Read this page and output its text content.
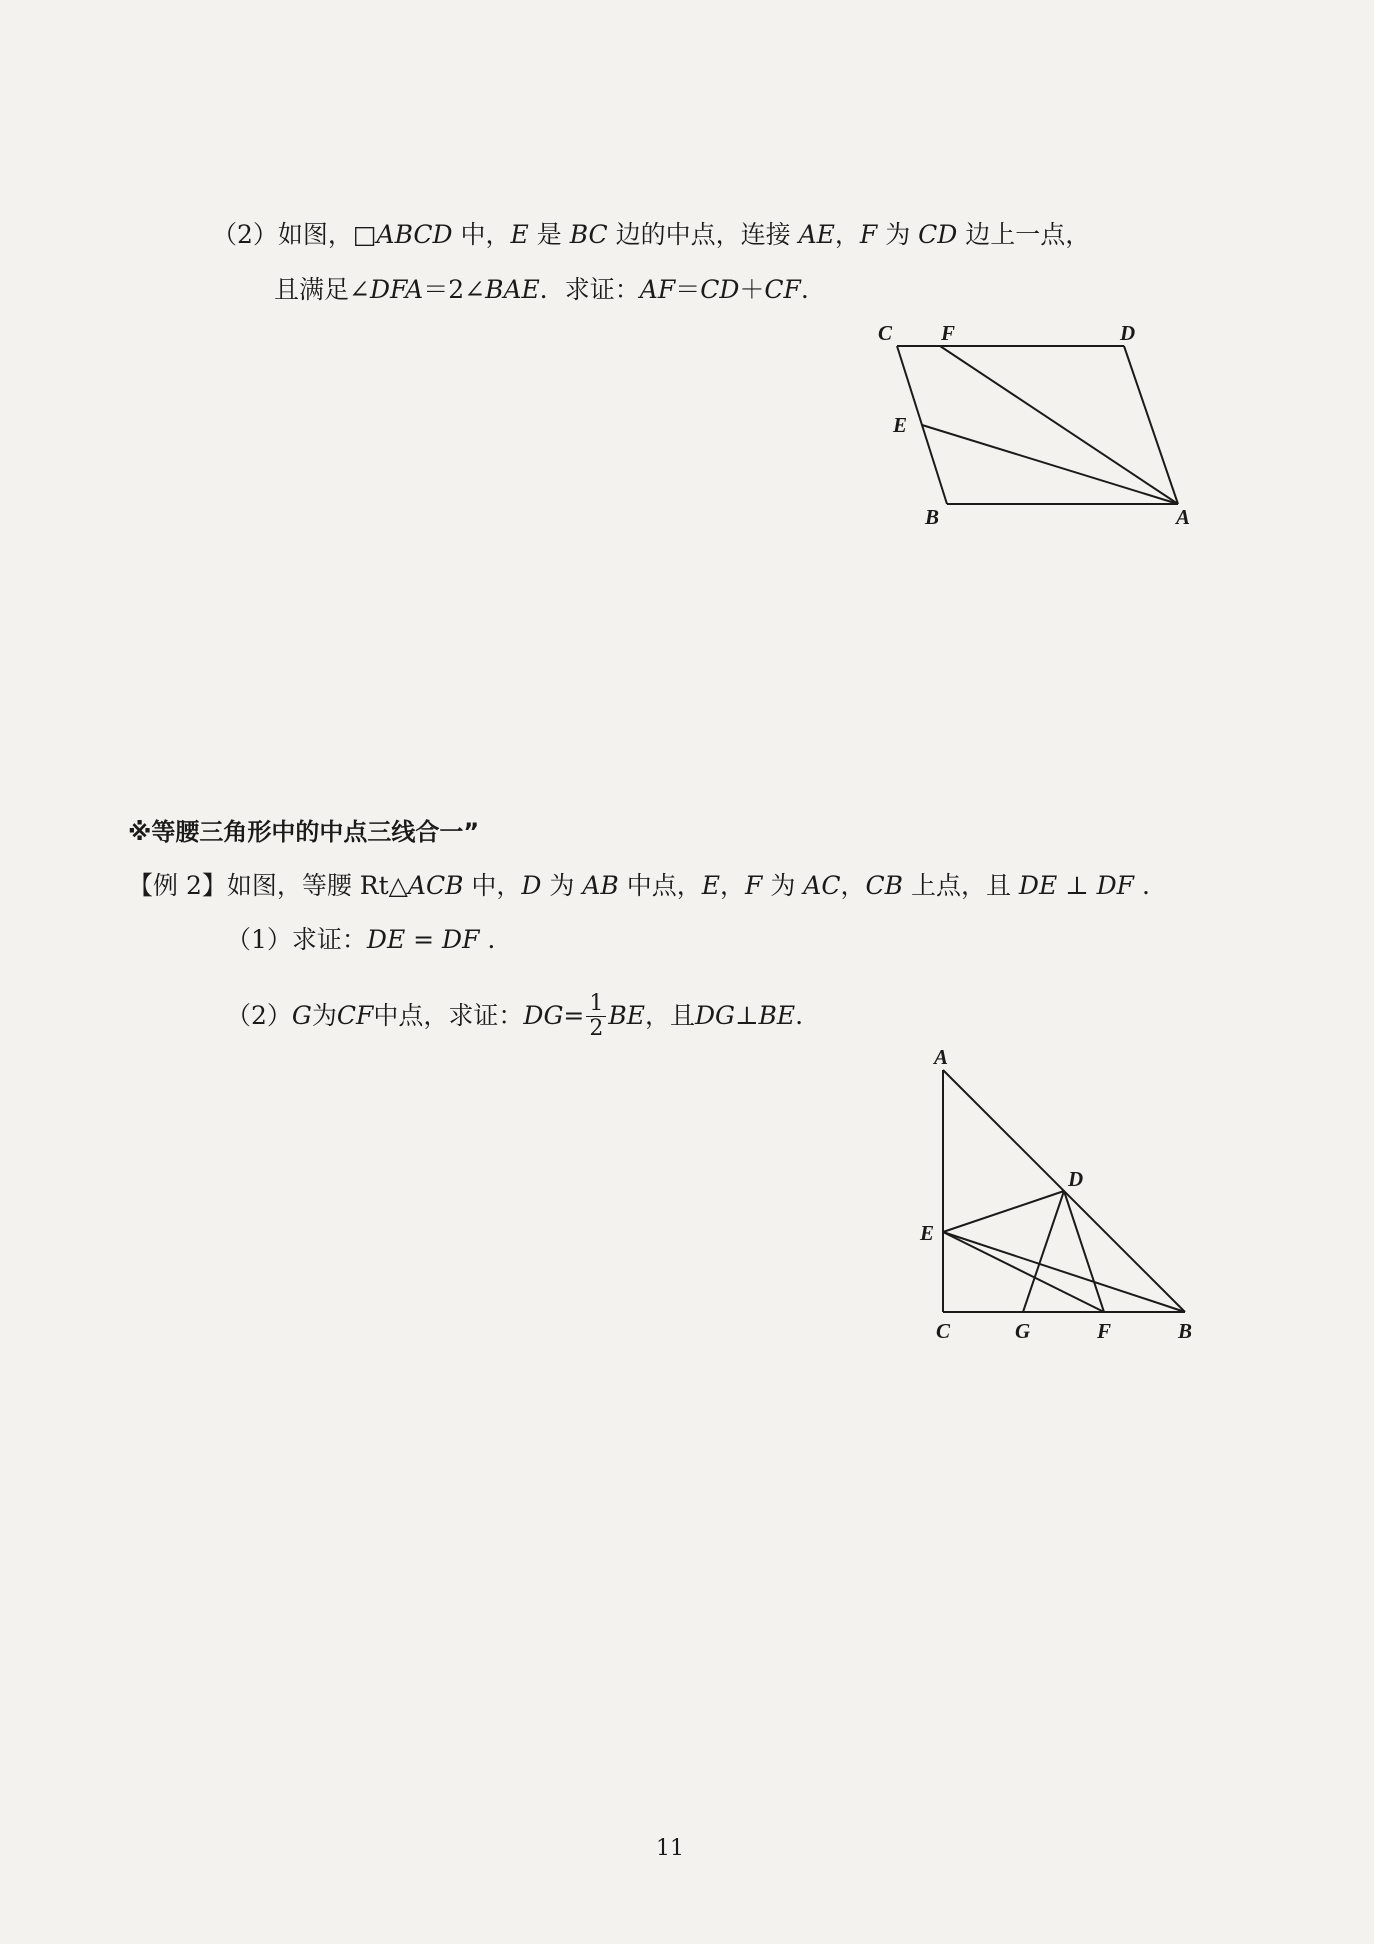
（2）如图，□ABCD 中，E 是 BC 边的中点，连接 AE，F 为 CD 边上一点，
且满足∠DFA＝2∠BAE．求证：AF＝CD＋CF.
C F	D
E
B	A
※等腰三角形中的中点三线合一”
【例 2】如图，等腰 Rt△ACB 中，D 为 AB 中点，E，F 为 AC，CB 上点，且 DE ⊥ DF .
（1）求证：DE = DF .
（2） G 为 CF 中点，求证： DG = $\frac{1}{2}$ BE ，且 DG ⊥ BE .
A
D
E
C	G	F	B
11
